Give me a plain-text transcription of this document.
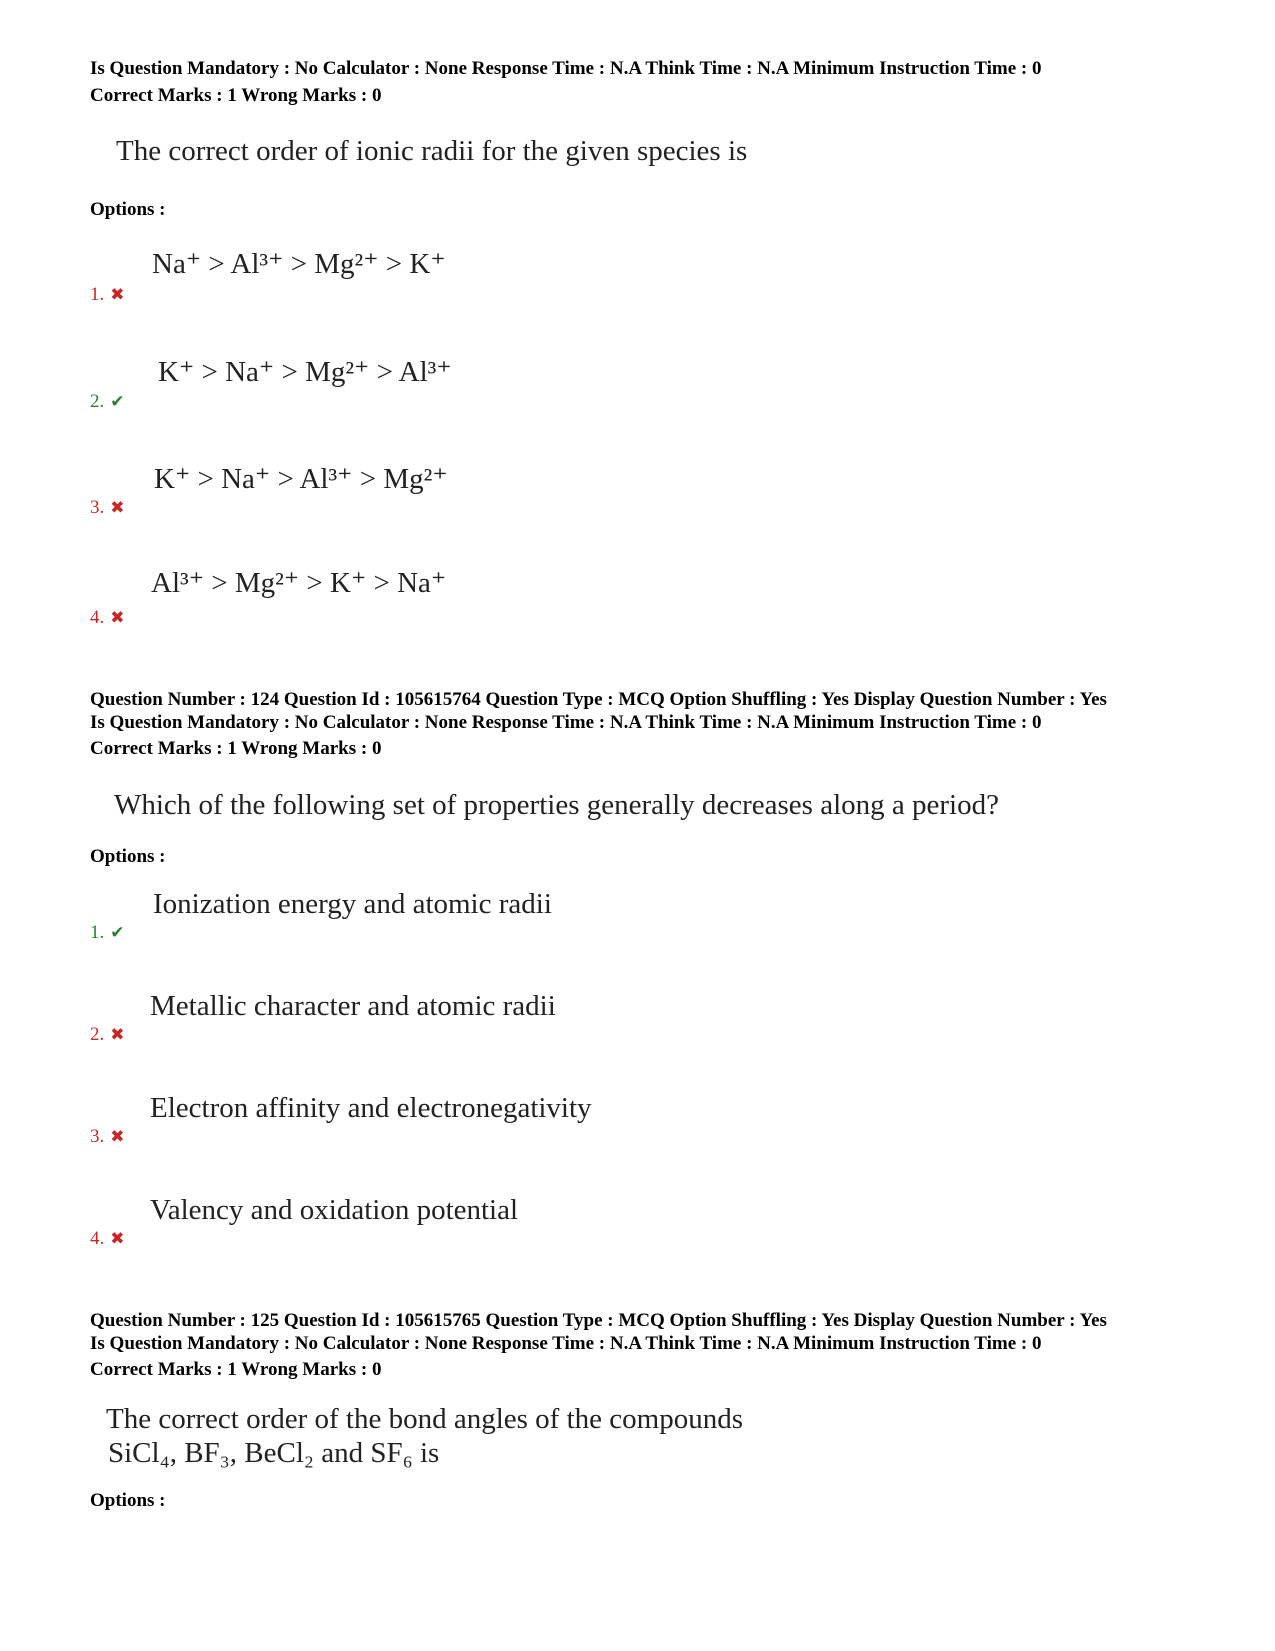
Is Question Mandatory : No Calculator : None Response Time : N.A Think Time : N.A Minimum Instruction Time : 0
Correct Marks : 1 Wrong Marks : 0
The correct order of ionic radii for the given species is
Options :
Na⁺ > Al³⁺ > Mg²⁺ > K⁺
1. ✖
K⁺ > Na⁺ > Mg²⁺ > Al³⁺
2. ✔
K⁺ > Na⁺ > Al³⁺ > Mg²⁺
3. ✖
Al³⁺ > Mg²⁺ > K⁺ > Na⁺
4. ✖
Question Number : 124 Question Id : 105615764 Question Type : MCQ Option Shuffling : Yes Display Question Number : Yes
Is Question Mandatory : No Calculator : None Response Time : N.A Think Time : N.A Minimum Instruction Time : 0
Correct Marks : 1 Wrong Marks : 0
Which of the following set of properties generally decreases along a period?
Options :
Ionization energy and atomic radii
1. ✔
Metallic character and atomic radii
2. ✖
Electron affinity and electronegativity
3. ✖
Valency and oxidation potential
4. ✖
Question Number : 125 Question Id : 105615765 Question Type : MCQ Option Shuffling : Yes Display Question Number : Yes
Is Question Mandatory : No Calculator : None Response Time : N.A Think Time : N.A Minimum Instruction Time : 0
Correct Marks : 1 Wrong Marks : 0
The correct order of the bond angles of the compounds
SiCl₄, BF₃, BeCl₂ and SF₆ is
Options :
